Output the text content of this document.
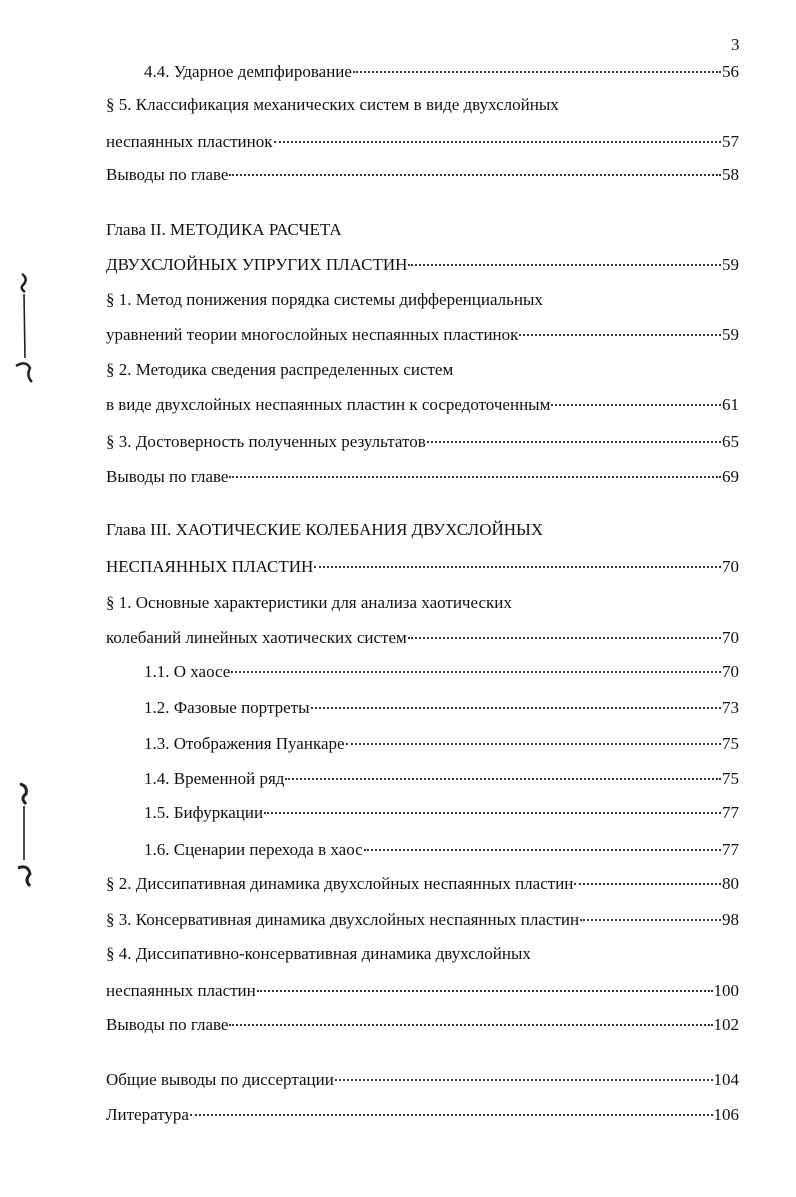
3
4.4. Ударное демпфирование	56
§ 5. Классификация механических систем в виде двухслойных
неспаянных пластинок	57
Выводы по главе	58
Глава II. МЕТОДИКА РАСЧЕТА
ДВУХСЛОЙНЫХ УПРУГИХ ПЛАСТИН	59
§ 1. Метод понижения порядка системы дифференциальных
уравнений теории многослойных неспаянных пластинок	59
§ 2. Методика сведения распределенных систем
в виде двухслойных неспаянных пластин к сосредоточенным	61
§ 3. Достоверность полученных результатов	65
Выводы по главе	69
Глава III. ХАОТИЧЕСКИЕ КОЛЕБАНИЯ ДВУХСЛОЙНЫХ
НЕСПАЯННЫХ ПЛАСТИН	70
§ 1. Основные характеристики для анализа хаотических
колебаний линейных хаотических систем	70
1.1. О хаосе	70
1.2. Фазовые портреты	73
1.3. Отображения Пуанкаре	75
1.4. Временной ряд	75
1.5. Бифуркации	77
1.6. Сценарии перехода в хаос	77
§ 2. Диссипативная динамика двухслойных неспаянных пластин	80
§ 3. Консервативная динамика двухслойных неспаянных пластин	98
§ 4. Диссипативно-консервативная динамика двухслойных
неспаянных пластин	100
Выводы по главе	102
Общие выводы по диссертации	104
Литература	106
